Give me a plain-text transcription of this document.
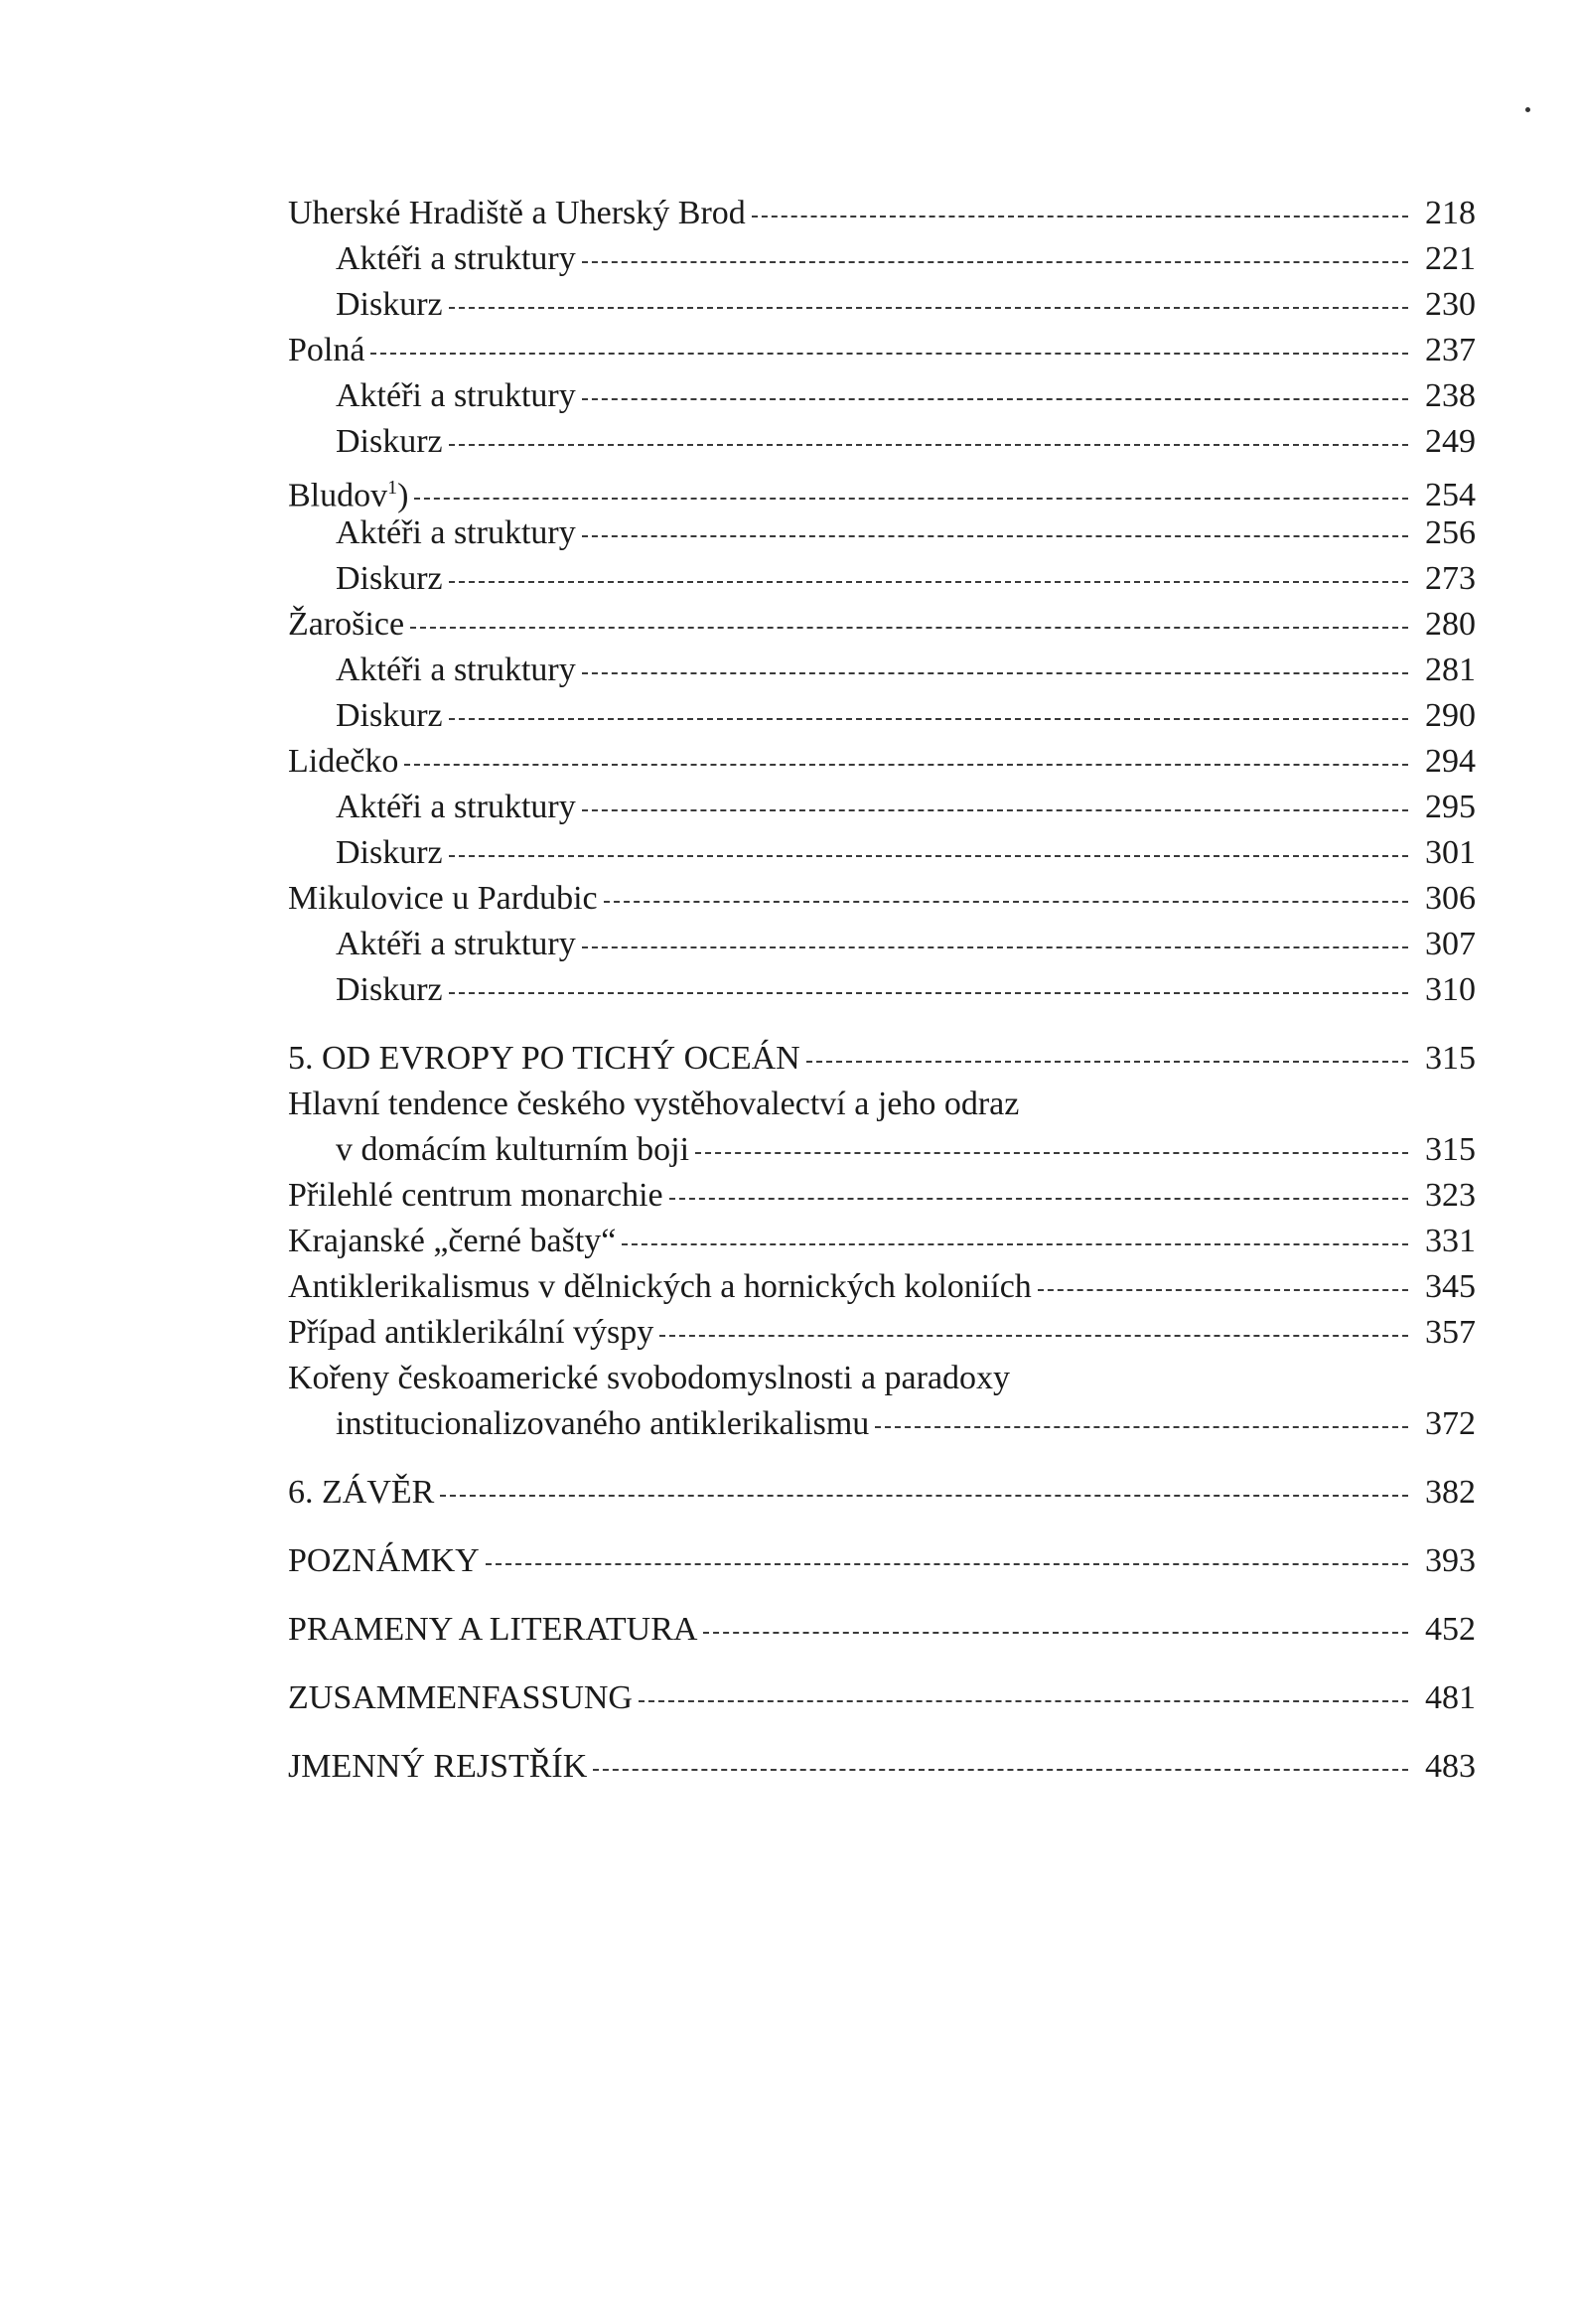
Uherské Hradiště a Uherský Brod	218
Aktéři a struktury	221
Diskurz	230
Polná	237
Aktéři a struktury	238
Diskurz	249
Bludov$^1$)	254
Aktéři a struktury	256
Diskurz	273
Žarošice	280
Aktéři a struktury	281
Diskurz	290
Lidečko	294
Aktéři a struktury	295
Diskurz	301
Mikulovice u Pardubic	306
Aktéři a struktury	307
Diskurz	310
5. OD EVROPY PO TICHÝ OCEÁN	315
Hlavní tendence českého vystěhovalectví a jeho odraz
v domácím kulturním boji	315
Přilehlé centrum monarchie	323
Krajanské „černé bašty“	331
Antiklerikalismus v dělnických a hornických koloniích	345
Případ antiklerikální výspy	357
Kořeny českoamerické svobodomyslnosti a paradoxy
institucionalizovaného antiklerikalismu	372
6. ZÁVĚR	382
POZNÁMKY	393
PRAMENY A LITERATURA	452
ZUSAMMENFASSUNG	481
JMENNÝ REJSTŘÍK	483
